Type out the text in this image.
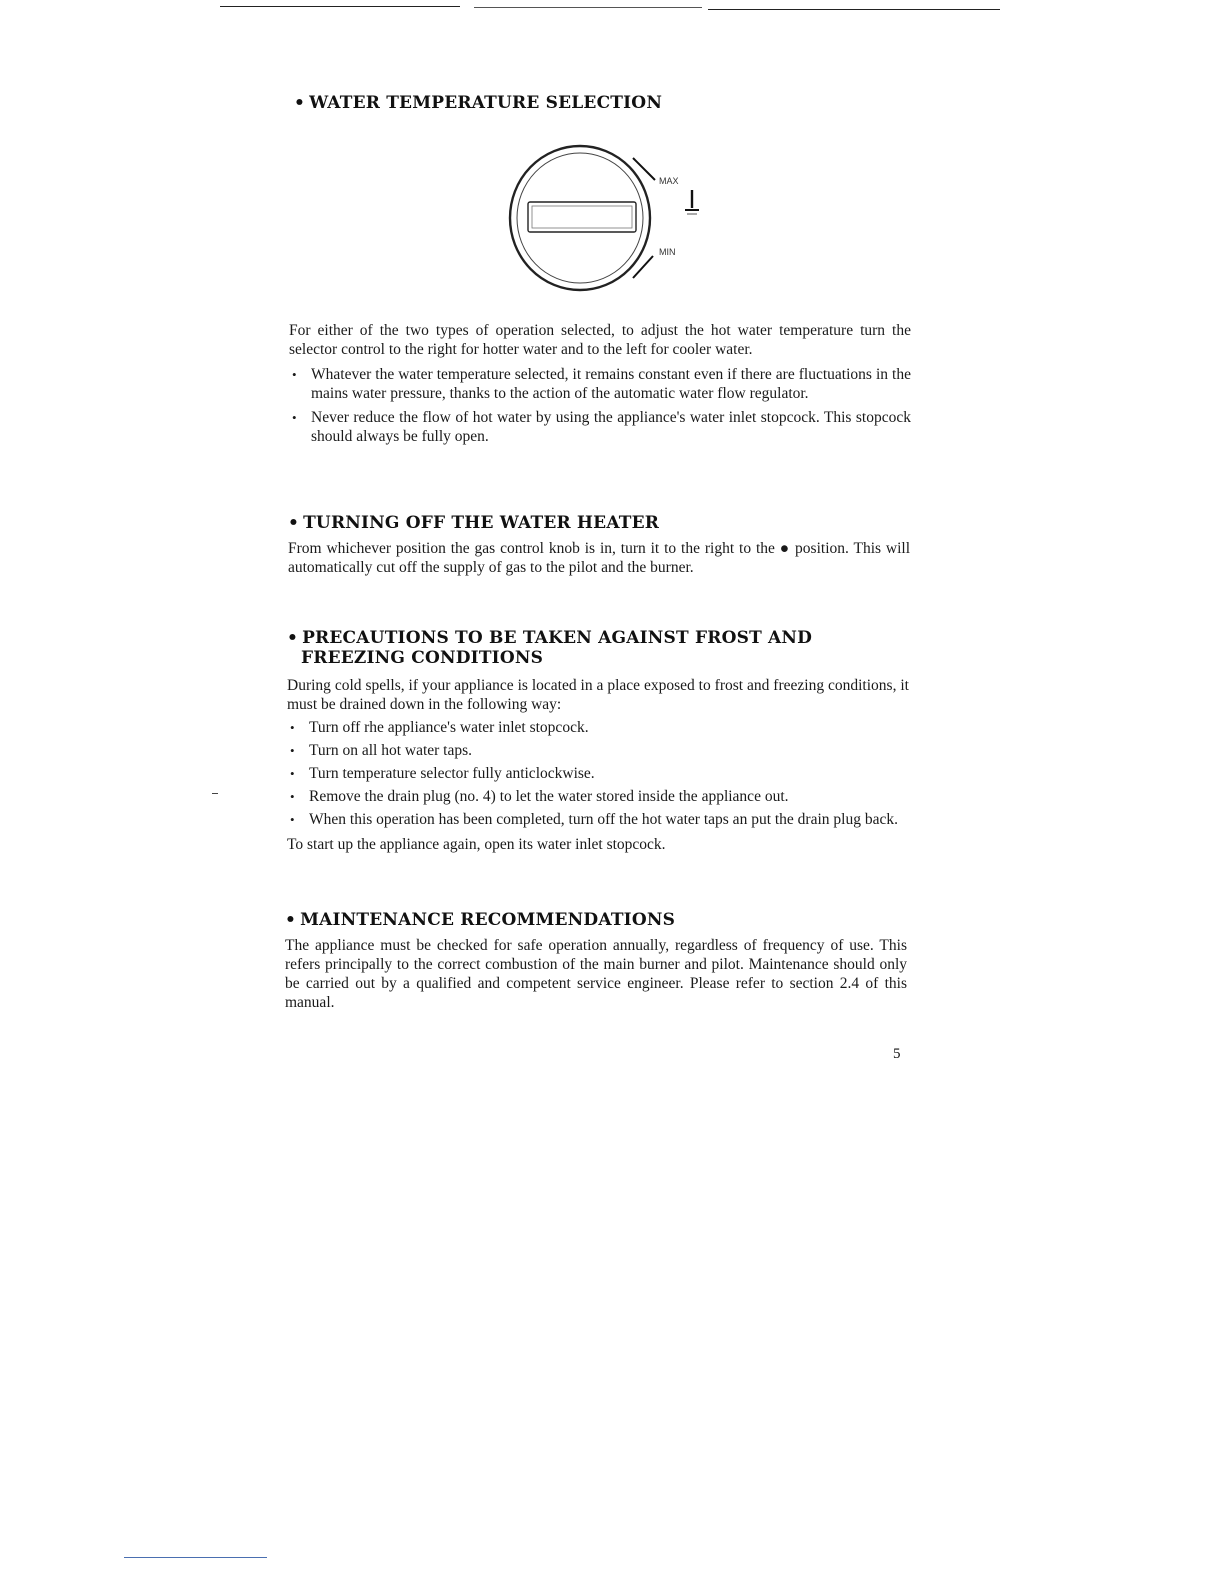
• WATER TEMPERATURE SELECTION
MAX
MIN

For either of the two types of operation selected, to adjust the hot water temperature turn the selector control to the right for hotter water and to the left for cooler water.

• Whatever the water temperature selected, it remains constant even if there are fluctuations in the mains water pressure, thanks to the action of the automatic water flow regulator.
• Never reduce the flow of hot water by using the appliance's water inlet stopcock. This stopcock should always be fully open.
• TURNING OFF THE WATER HEATER

From whichever position the gas control knob is in, turn it to the right to the ● position. This will automatically cut off the supply of gas to the pilot and the burner.

• PRECAUTIONS TO BE TAKEN AGAINST FROST AND
FREEZING CONDITIONS

During cold spells, if your appliance is located in a place exposed to frost and freezing conditions, it must be drained down in the following way:

• Turn off rhe appliance's water inlet stopcock.
• Turn on all hot water taps.
• Turn temperature selector fully anticlockwise.
• Remove the drain plug (no. 4) to let the water stored inside the appliance out.
• When this operation has been completed, turn off the hot water taps an put the drain plug back.

To start up the appliance again, open its water inlet stopcock.

• MAINTENANCE RECOMMENDATIONS

The appliance must be checked for safe operation annually, regardless of frequency of use. This refers principally to the correct combustion of the main burner and pilot. Maintenance should only be carried out by a qualified and competent service engineer. Please refer to section 2.4 of this manual.

5
